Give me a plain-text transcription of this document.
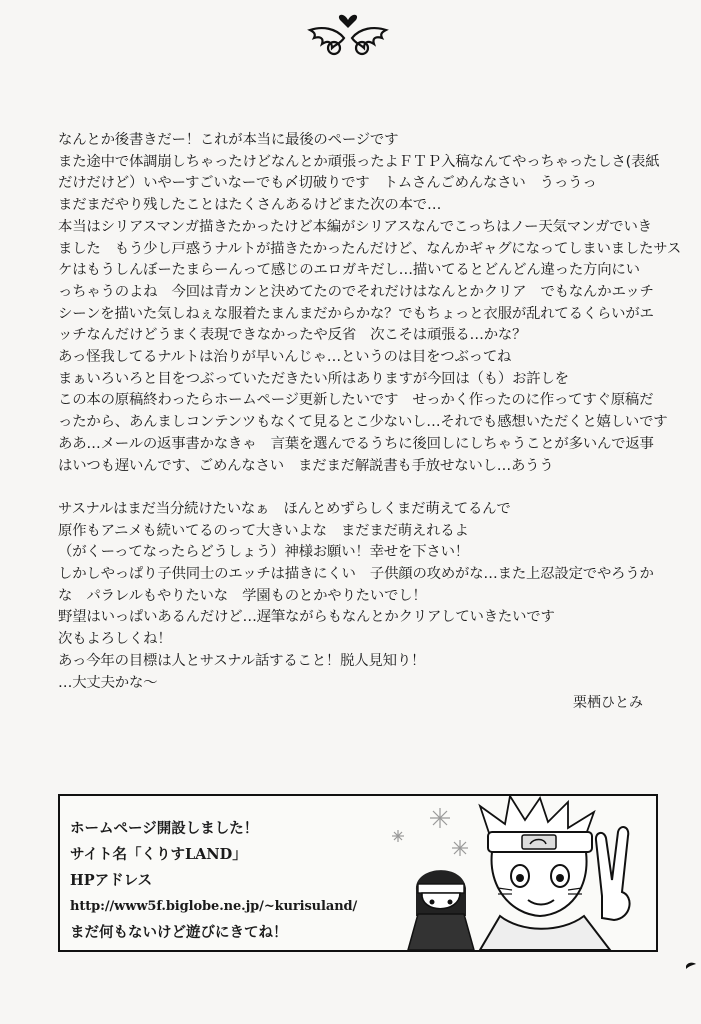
なんとか後書きだー！これが本当に最後のページです

また途中で体調崩しちゃったけどなんとか頑張ったよＦＴＰ入稿なんてやっちゃったしさ(表紙

だけだけど）いやーすごいなーでも〆切破りです　トムさんごめんなさい　うっうっ

まだまだやり残したことはたくさんあるけどまた次の本で…

本当はシリアスマンガ描きたかったけど本編がシリアスなんでこっちはノー天気マンガでいき

ました　もう少し戸惑うナルトが描きたかったんだけど、なんかギャグになってしまいましたサス

ケはもうしんぼーたまらーんって感じのエロガキだし…描いてるとどんどん違った方向にい

っちゃうのよね　今回は青カンと決めてたのでそれだけはなんとかクリア　でもなんかエッチ

シーンを描いた気しねぇな服着たまんまだからかな？でもちょっと衣服が乱れてるくらいがエ

ッチなんだけどうまく表現できなかったや反省　次こそは頑張る…かな？

あっ怪我してるナルトは治りが早いんじゃ…というのは目をつぶってね

まぁいろいろと目をつぶっていただきたい所はありますが今回は（も）お許しを

この本の原稿終わったらホームページ更新したいです　せっかく作ったのに作ってすぐ原稿だ

ったから、あんましコンテンツもなくて見るとこ少ないし…それでも感想いただくと嬉しいです

ああ…メールの返事書かなきゃ　言葉を選んでるうちに後回しにしちゃうことが多いんで返事

はいつも遅いんです、ごめんなさい　まだまだ解説書も手放せないし…あうう

サスナルはまだ当分続けたいなぁ　ほんとめずらしくまだ萌えてるんで

原作もアニメも続いてるのって大きいよな　まだまだ萌えれるよ

（がくーってなったらどうしょう）神様お願い！幸せを下さい！

しかしやっぱり子供同士のエッチは描きにくい　子供顔の攻めがな…また上忍設定でやろうか

な　パラレルもやりたいな　学園ものとかやりたいでし！

野望はいっぱいあるんだけど…遅筆ながらもなんとかクリアしていきたいです

次もよろしくね！

あっ今年の目標は人とサスナル話すること！脱人見知り！

…大丈夫かな～

栗栖ひとみ
ホームページ開設しました！
サイト名「くりすLAND」
HPアドレス
http://www5f.biglobe.ne.jp/~kurisuland/
まだ何もないけど遊びにきてね！
